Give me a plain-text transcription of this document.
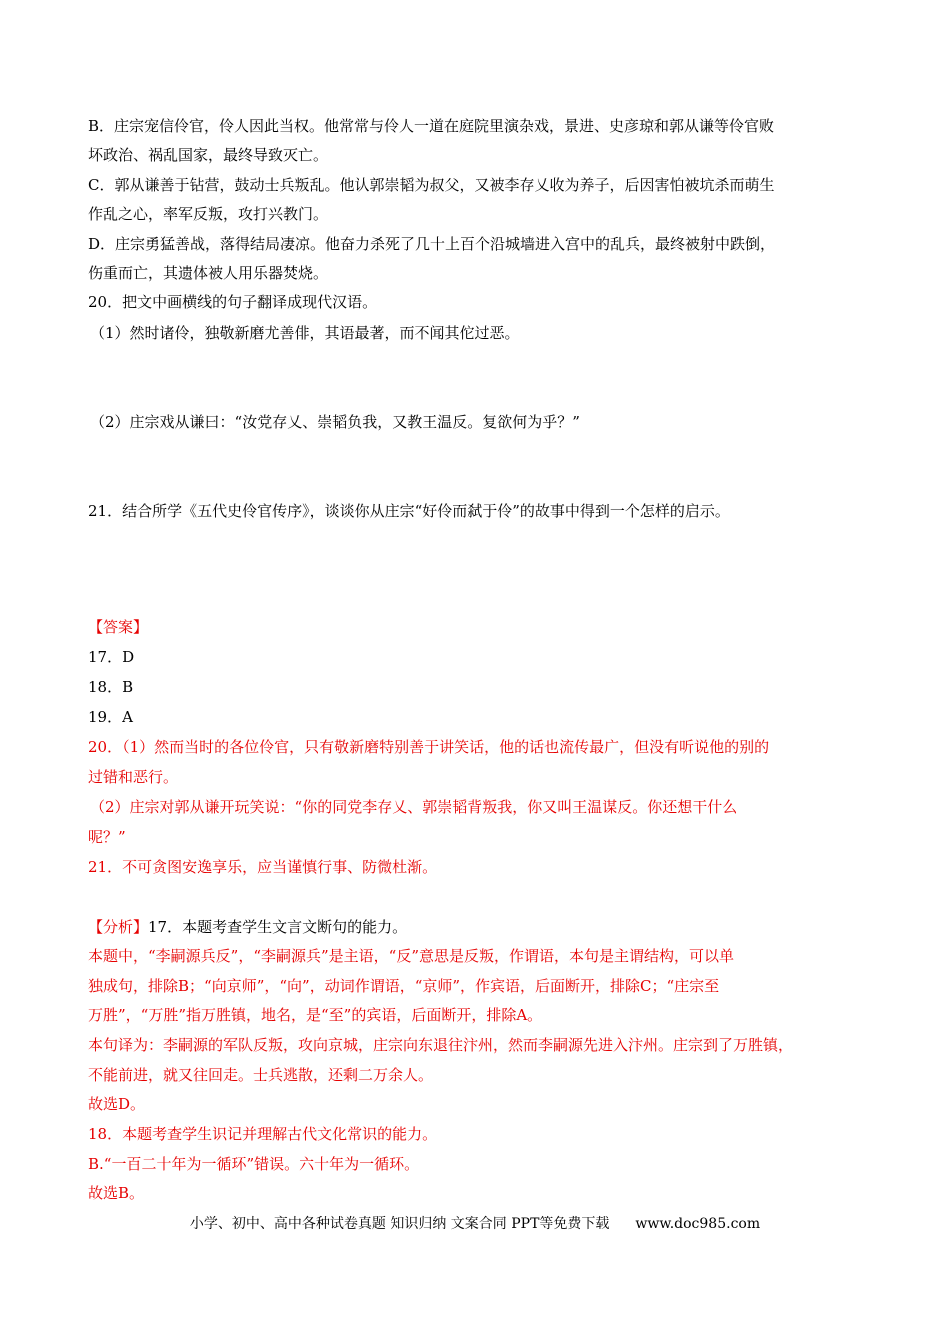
B．庄宗宠信伶官，伶人因此当权。他常常与伶人一道在庭院里演杂戏，景进、史彦琼和郭从谦等伶官败
坏政治、祸乱国家，最终导致灭亡。
C．郭从谦善于钻营，鼓动士兵叛乱。他认郭崇韬为叔父，又被李存乂收为养子，后因害怕被坑杀而萌生
作乱之心，率军反叛，攻打兴教门。
D．庄宗勇猛善战，落得结局凄凉。他奋力杀死了几十上百个沿城墙进入宫中的乱兵，最终被射中跌倒，
伤重而亡，其遗体被人用乐器焚烧。
20．把文中画横线的句子翻译成现代汉语。
（1）然时诸伶，独敬新磨尤善俳，其语最著，而不闻其佗过恶。
（2）庄宗戏从谦曰：“汝党存乂、崇韬负我，又教王温反。复欲何为乎？”
21．结合所学《五代史伶官传序》，谈谈你从庄宗“好伶而弑于伶”的故事中得到一个怎样的启示。
【答案】
17．D
18．B
19．A
20．（1）然而当时的各位伶官，只有敬新磨特别善于讲笑话，他的话也流传最广，但没有听说他的别的
过错和恶行。
（2）庄宗对郭从谦开玩笑说：“你的同党李存乂、郭崇韬背叛我，你又叫王温谋反。你还想干什么
呢？”
21．不可贪图安逸享乐，应当谨慎行事、防微杜渐。
【分析】17．本题考查学生文言文断句的能力。
本题中，“李嗣源兵反”，“李嗣源兵”是主语，“反”意思是反叛，作谓语，本句是主谓结构，可以单
独成句，排除B；“向京师”，“向”，动词作谓语，“京师”，作宾语，后面断开，排除C；“庄宗至
万胜”，“万胜”指万胜镇，地名，是“至”的宾语，后面断开，排除A。
本句译为：李嗣源的军队反叛，攻向京城，庄宗向东退往汴州，然而李嗣源先进入汴州。庄宗到了万胜镇，
不能前进，就又往回走。士兵逃散，还剩二万余人。
故选D。
18．本题考查学生识记并理解古代文化常识的能力。
B.“一百二十年为一循环”错误。六十年为一循环。
故选B。
小学、初中、高中各种试卷真题 知识归纳 文案合同 PPT等免费下载 www.doc985.com
